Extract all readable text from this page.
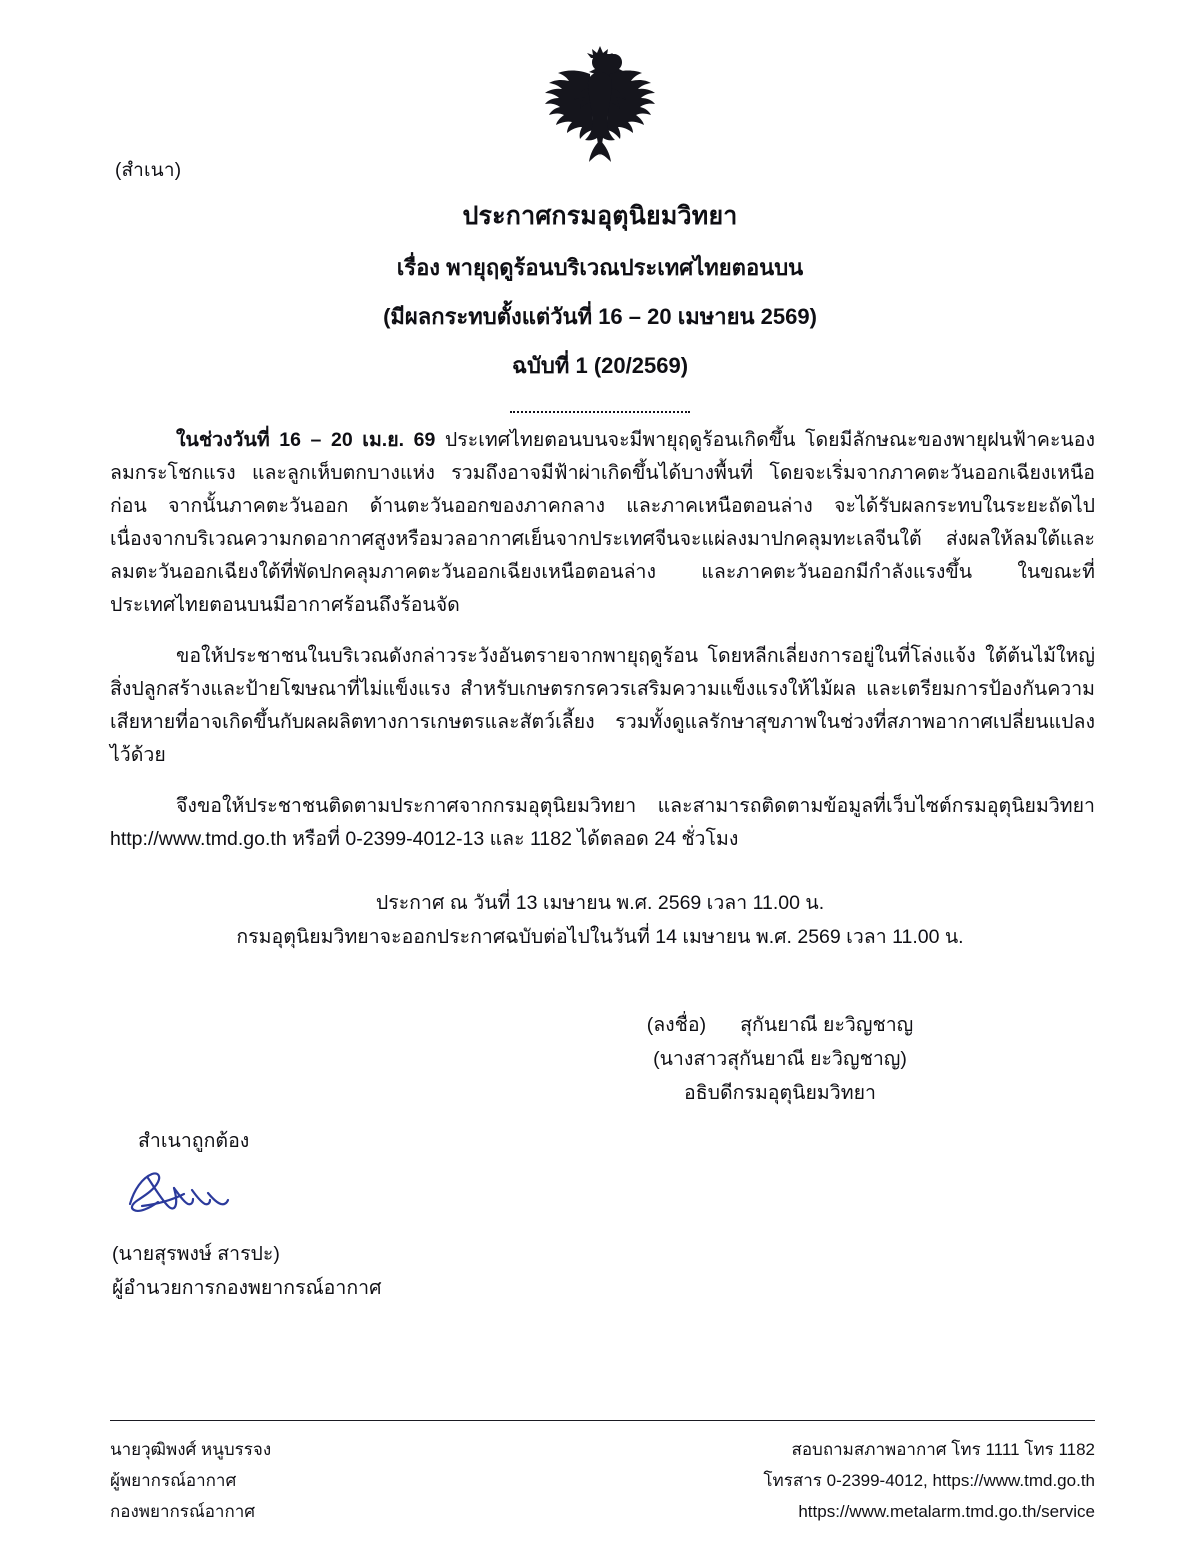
(สำเนา)
ประกาศกรมอุตุนิยมวิทยา
เรื่อง พายุฤดูร้อนบริเวณประเทศไทยตอนบน
(มีผลกระทบตั้งแต่วันที่ 16 – 20 เมษายน 2569)
ฉบับที่ 1 (20/2569)

ในช่วงวันที่ 16 – 20 เม.ย. 69 ประเทศไทยตอนบนจะมีพายุฤดูร้อนเกิดขึ้น โดยมีลักษณะของพายุฝนฟ้าคะนอง ลมกระโชกแรง และลูกเห็บตกบางแห่ง รวมถึงอาจมีฟ้าผ่าเกิดขึ้นได้บางพื้นที่ โดยจะเริ่มจากภาคตะวันออกเฉียงเหนือก่อน จากนั้นภาคตะวันออก ด้านตะวันออกของภาคกลาง และภาคเหนือตอนล่าง จะได้รับผลกระทบในระยะถัดไป เนื่องจากบริเวณความกดอากาศสูงหรือมวลอากาศเย็นจากประเทศจีนจะแผ่ลงมาปกคลุมทะเลจีนใต้ ส่งผลให้ลมใต้และลมตะวันออกเฉียงใต้ที่พัดปกคลุมภาคตะวันออกเฉียงเหนือตอนล่าง และภาคตะวันออกมีกำลังแรงขึ้น ในขณะที่ประเทศไทยตอนบนมีอากาศร้อนถึงร้อนจัด

ขอให้ประชาชนในบริเวณดังกล่าวระวังอันตรายจากพายุฤดูร้อน โดยหลีกเลี่ยงการอยู่ในที่โล่งแจ้ง ใต้ต้นไม้ใหญ่ สิ่งปลูกสร้างและป้ายโฆษณาที่ไม่แข็งแรง สำหรับเกษตรกรควรเสริมความแข็งแรงให้ไม้ผล และเตรียมการป้องกันความเสียหายที่อาจเกิดขึ้นกับผลผลิตทางการเกษตรและสัตว์เลี้ยง รวมทั้งดูแลรักษาสุขภาพในช่วงที่สภาพอากาศเปลี่ยนแปลงไว้ด้วย

จึงขอให้ประชาชนติดตามประกาศจากกรมอุตุนิยมวิทยา และสามารถติดตามข้อมูลที่เว็บไซต์กรมอุตุนิยมวิทยา http://www.tmd.go.th หรือที่ 0-2399-4012-13 และ 1182 ได้ตลอด 24 ชั่วโมง

ประกาศ ณ วันที่ 13 เมษายน พ.ศ. 2569 เวลา 11.00 น.
กรมอุตุนิยมวิทยาจะออกประกาศฉบับต่อไปในวันที่ 14 เมษายน พ.ศ. 2569 เวลา 11.00 น.
(ลงชื่อ) สุกันยาณี ยะวิญชาญ
(นางสาวสุกันยาณี ยะวิญชาญ)
อธิบดีกรมอุตุนิยมวิทยา
สำเนาถูกต้อง
(นายสุรพงษ์ สารปะ)
ผู้อำนวยการกองพยากรณ์อากาศ
นายวุฒิพงศ์ หนูบรรจง
ผู้พยากรณ์อากาศ
กองพยากรณ์อากาศ
สอบถามสภาพอากาศ โทร 1111 โทร 1182
โทรสาร 0-2399-4012, https://www.tmd.go.th
https://www.metalarm.tmd.go.th/service
